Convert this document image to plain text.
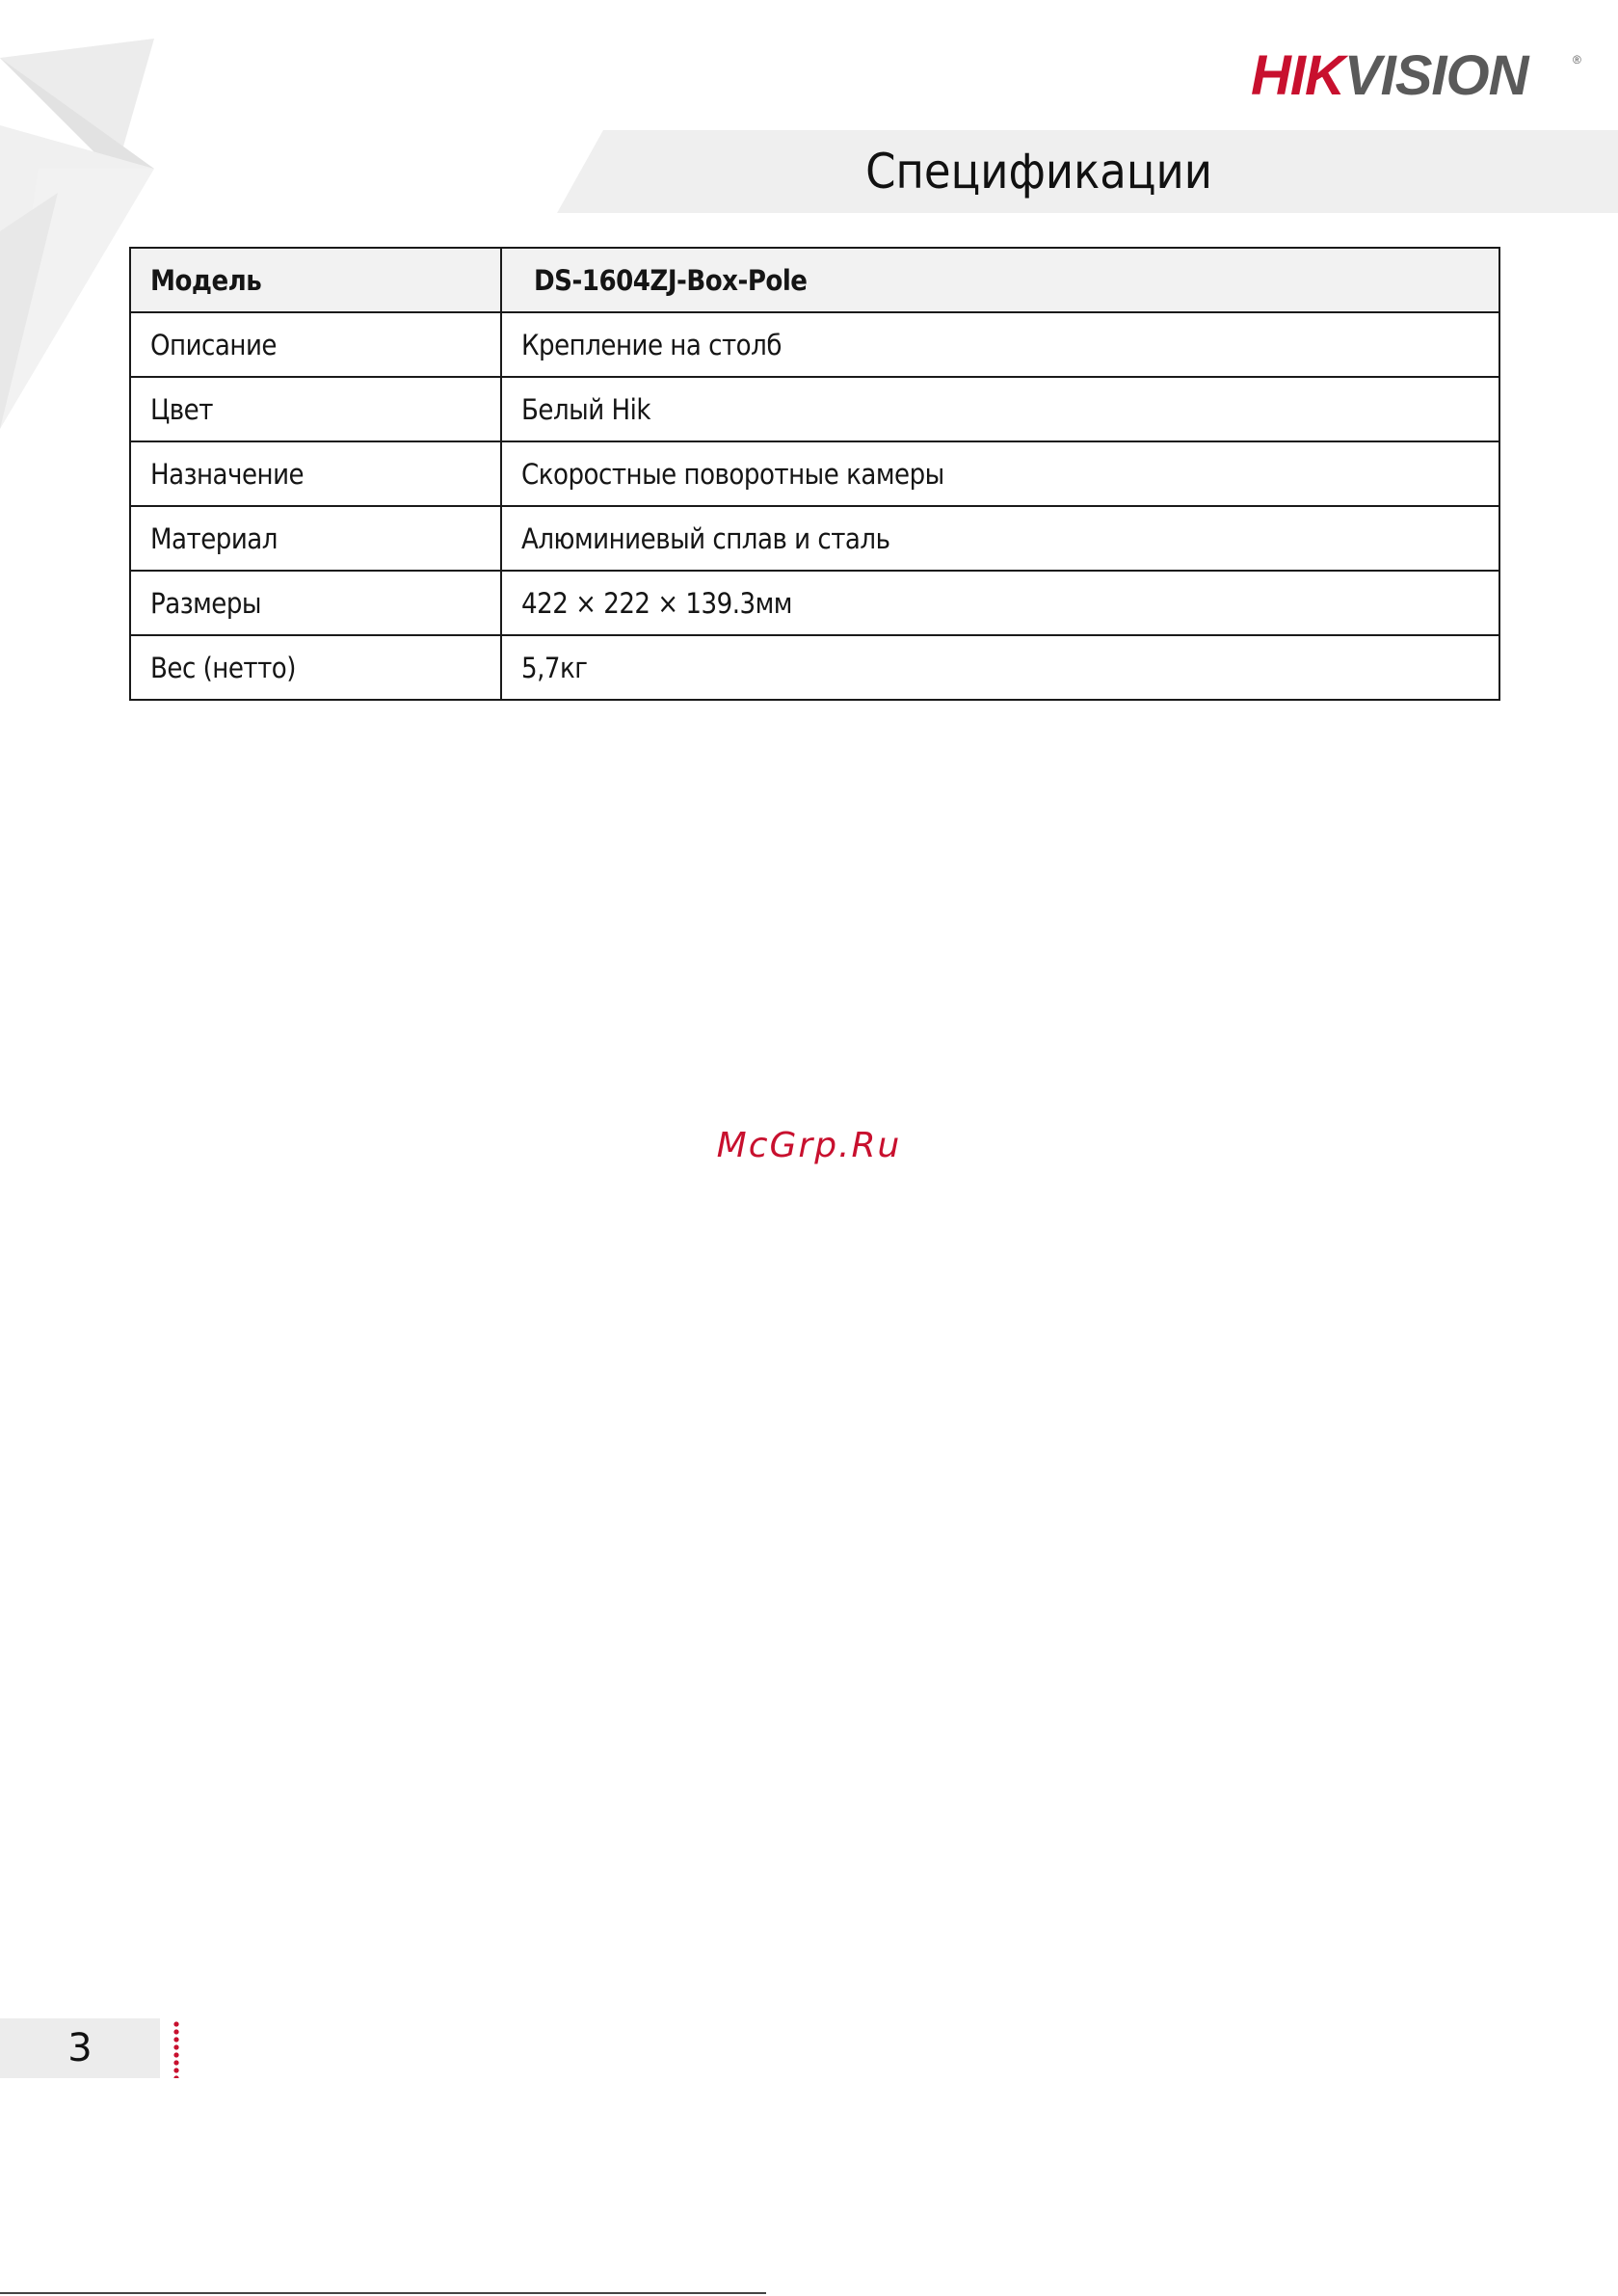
HIKVISION	®
Спецификации
Модель	DS-1604ZJ-Box-Pole
Описание	Крепление на столб
Цвет	Белый Hik
Назначение	Скоростные поворотные камеры
Материал	Алюминиевый сплав и сталь
Размеры	422 × 222 × 139.3мм
Вес (нетто)	5,7кг
McGrp.Ru
3
